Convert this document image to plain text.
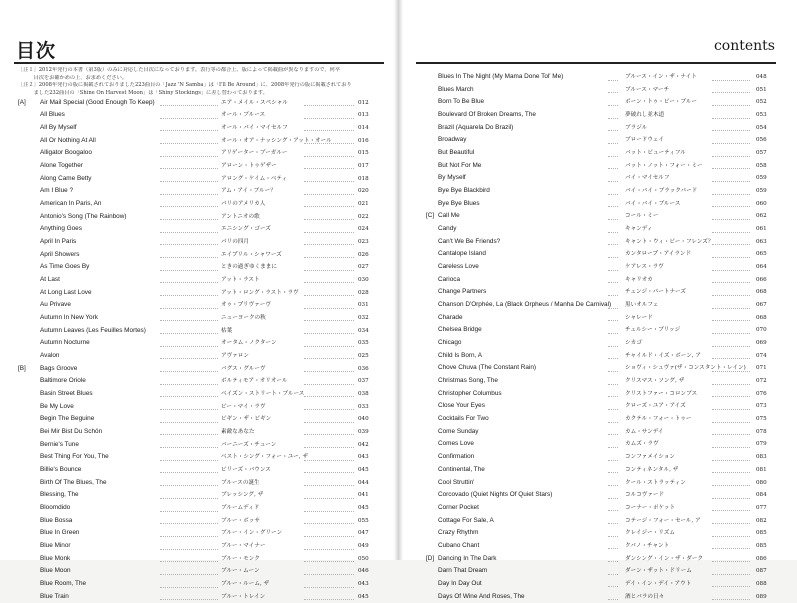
目次
［注１］2012年発行の本書（第3版）のみに対応した目次になっております。表行等の都合上、版によって掲載曲が異なりますので、何卒
　　　目次をお確かめの上、お求めください。
［注２］2008年発行の版に掲載されておりました223曲目の「Jazz 'N Samba」は「I'll Be Around」に、2008年発行の版に掲載されており
　　　ました232曲目の「Shine On Harvest Moon」は「Shiny Stockings」に差し替わっております。
[A] Air Mail Special (Good Enough To Keep)	エア・メイル・スペシャル	012
All Blues	オール・ブルース	013
All By Myself	オール・バイ・マイセルフ	014
All Or Nothing At All	オール・オア・ナッシング・アット・オール	016
Alligator Boogaloo	アリゲーター・ブーガルー	015
Alone Together	アローン・トゥゲザー	017
Along Came Betty	アロング・ケイム・ベティ	018
Am I Blue ?	アム・アイ・ブルー？	020
American In Paris, An	パリのアメリカ人	021
Antonio's Song (The Rainbow)	アントニオの歌	022
Anything Goes	エニシング・ゴーズ	024
April In Paris	パリの四月	023
April Showers	エイプリル・シャワーズ	026
As Time Goes By	ときの過ぎゆくままに	027
At Last	アット・ラスト	030
At Long Last Love	アット・ロング・ラスト・ラヴ	028
Au Privave	オゥ・プリヴァーヴ	031
Autumn In New York	ニューヨークの秋	032
Autumn Leaves (Les Feuilles Mortes)	枯葉	034
Autumn Nocturne	オータム・ノクターン	035
Avalon	アヴァロン	025
[B] Bags Groove	バグス・グルーヴ	036
Baltimore Oriole	ボルティモア・オリオール	037
Basin Street Blues	ベイズン・ストリート・ブルース	038
Be My Love	ビー・マイ・ラヴ	033
Begin The Beguine	ビギン・ザ・ビギン	040
Bei Mir Bist Du Schön	素敵なあなた	039
Bernie's Tune	バーニーズ・チューン	042
Best Thing For You, The	ベスト・シング・フォー・ユー, ザ	043
Billie's Bounce	ビリーズ・バウンス	045
Birth Of The Blues, The	ブルースの誕生	044
Blessing, The	ブレッシング, ザ	041
Bloomdido	ブルームディド	045
Blue Bossa	ブルー・ボッサ	055
Blue In Green	ブルー・イン・グリーン	047
Blue Minor	ブルー・マイナー	049
Blue Monk	ブルー・モンク	050
Blue Moon	ブルー・ムーン	046
Blue Room, The	ブルー・ルーム, ザ	043
Blue Train	ブルー・トレイン	045
contents
Blues In The Night (My Mama Done Tol' Me)	ブルース・イン・ザ・ナイト	048
Blues March	ブルース・マーチ	051
Born To Be Blue	ボーン・トゥ・ビー・ブルー	052
Boulevard Of Broken Dreams, The	夢破れし並木道	053
Brazil (Aquarela Do Brazil)	ブラジル	054
Broadway	ブロードウェイ	056
But Beautiful	バット・ビューティフル	057
But Not For Me	バット・ノット・フォー・ミー	058
By Myself	バイ・マイセルフ	059
Bye Bye Blackbird	バイ・バイ・ブラックバード	059
Bye Bye Blues	バイ・バイ・ブルース	060
[C] Call Me	コール・ミー	062
Candy	キャンディ	061
Can't We Be Friends?	キャント・ウィ・ビー・フレンズ？	063
Cantalope Island	カンタロープ・アイランド	065
Careless Love	ケアレス・ラヴ	064
Carioca	キャリオカ	066
Change Partners	チェンジ・パートナーズ	068
Chanson D'Orphée, La (Black Orpheus / Manha De Carnival) 黒いオルフェ	067
Charade	シャレード	068
Chelsea Bridge	チェルシー・ブリッジ	070
Chicago	シカゴ	069
Child Is Born, A	チャイルド・イズ・ボーン, ア	074
Chove Chuva (The Constant Rain)	ショヴィ・シュヴァ(ザ・コンスタント・レイン) 071
Christmas Song, The	クリスマス・ソング, ザ	072
Christopher Columbus	クリストファー・コロンブス	076
Close Your Eyes	クローズ・ユア・アイズ	073
Cocktails For Two	カクテル・フォー・トゥー	075
Come Sunday	カム・サンデイ	078
Comes Love	カムズ・ラヴ	079
Confirmation	コンファメイション	083
Continental, The	コンティネンタル, ザ	081
Cool Struttin'	クール・ストラッティン	080
Corcovado (Quiet Nights Of Quiet Stars)	コルコヴァード	084
Corner Pocket	コーナー・ポケット	077
Cottage For Sale, A	コテージ・フォー・セール, ア	082
Crazy Rhythm	クレイジー・リズム	085
Cubano Chant	クバノ・チャント	085
[D] Dancing In The Dark	ダンシング・イン・ザ・ダーク	086
Darn That Dream	ダーン・ザット・ドリーム	087
Day In Day Out	デイ・イン・デイ・アウト	088
Days Of Wine And Roses, The	酒とバラの日々	089
